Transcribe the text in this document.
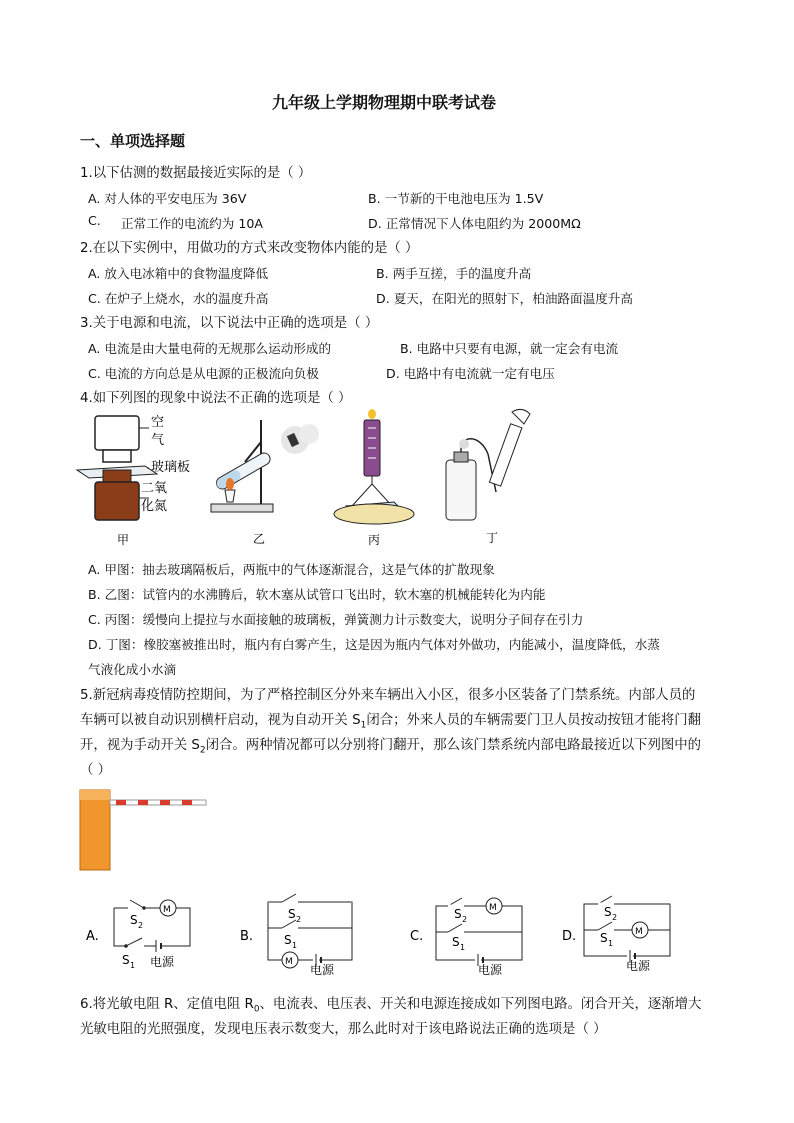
九年级上学期物理期中联考试卷
一、单项选择题
1.以下估测的数据最接近实际的是（ ）
A. 对人体的平安电压为 36V	B. 一节新的干电池电压为 1.5V
C. 正常工作的电流约为 10A	D. 正常情况下人体电阻约为 2000MΩ
2.在以下实例中，用做功的方式来改变物体内能的是（ ）
A. 放入电冰箱中的食物温度降低	B. 两手互搓，手的温度升高
C. 在炉子上烧水，水的温度升高	D. 夏天，在阳光的照射下，柏油路面温度升高
3.关于电源和电流，以下说法中正确的选项是（ ）
A. 电流是由大量电荷的无规那么运动形成的	B. 电路中只要有电源，就一定会有电流
C. 电流的方向总是从电源的正极流向负极	D. 电路中有电流就一定有电压
4.如下列图的现象中说法不正确的选项是（ ）
空
气
玻璃板
二氧
化氮
甲	乙	丙	丁
A. 甲图：抽去玻璃隔板后，两瓶中的气体逐渐混合，这是气体的扩散现象
B. 乙图：试管内的水沸腾后，软木塞从试管口飞出时，软木塞的机械能转化为内能
C. 丙图：缓慢向上提拉与水面接触的玻璃板，弹簧测力计示数变大，说明分子间存在引力
D. 丁图：橡胶塞被推出时，瓶内有白雾产生，这是因为瓶内气体对外做功，内能减小，温度降低，水蒸
气液化成小水滴
5.新冠病毒疫情防控期间，为了严格控制区分外来车辆出入小区，很多小区装备了门禁系统。内部人员的
车辆可以被自动识别横杆启动，视为自动开关 $S_1$闭合；外来人员的车辆需要门卫人员按动按钮才能将门翻
开，视为手动开关 $S_2$闭合。两种情况都可以分别将门翻开，那么该门禁系统内部电路最接近以下列图中的
（ ）
A.
M
S 2
S 1 电源
B.
M
S 2
S 1
电源
C.
M
S 2
S 1
电源
D.	M
S 2
S 1
电源
6.将光敏电阻 R、定值电阻 $R_0$、电流表、电压表、开关和电源连接成如下列图电路。闭合开关，逐渐增大
光敏电阻的光照强度，发现电压表示数变大，那么此时对于该电路说法正确的选项是（ ）
